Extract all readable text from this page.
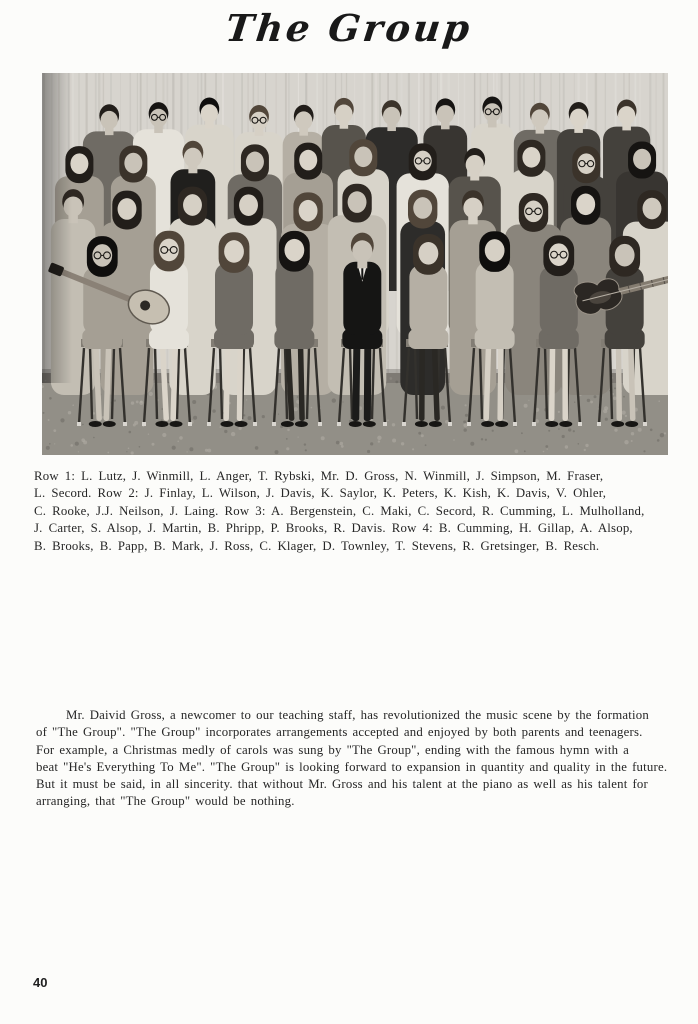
The Group
Row 1: L. Lutz, J. Winmill, L. Anger, T. Rybski, Mr. D. Gross, N. Winmill, J. Simpson, M. Fraser,
L. Secord. Row 2: J. Finlay, L. Wilson, J. Davis, K. Saylor, K. Peters, K. Kish, K. Davis, V. Ohler,
C. Rooke, J.J. Neilson, J. Laing. Row 3: A. Bergenstein, C. Maki, C. Secord, R. Cumming, L. Mulholland,
J. Carter, S. Alsop, J. Martin, B. Phripp, P. Brooks, R. Davis. Row 4: B. Cumming, H. Gillap, A. Alsop,
B. Brooks, B. Papp, B. Mark, J. Ross, C. Klager, D. Townley, T. Stevens, R. Gretsinger, B. Resch.
Mr. Daivid Gross, a newcomer to our teaching staff, has revolutionized the music scene by the formation
of "The Group". "The Group" incorporates arrangements accepted and enjoyed by both parents and teenagers.
For example, a Christmas medly of carols was sung by "The Group", ending with the famous hymn with a
beat "He's Everything To Me". "The Group" is looking forward to expansion in quantity and quality in the future.
But it must be said, in all sincerity. that without Mr. Gross and his talent at the piano as well as his talent for
arranging, that "The Group" would be nothing.
40
